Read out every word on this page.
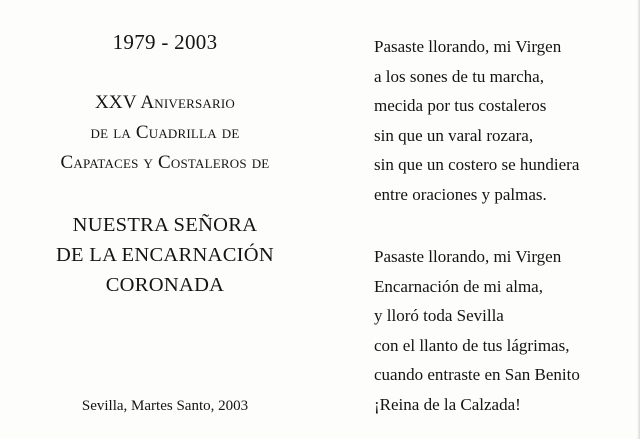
1979 - 2003
XXV Aniversario
de la Cuadrilla de
Capataces y Costaleros de
NUESTRA SEÑORA
DE LA ENCARNACIÓN
CORONADA
Sevilla, Martes Santo, 2003
Pasaste llorando, mi Virgen
a los sones de tu marcha,
mecida por tus costaleros
sin que un varal rozara,
sin que un costero se hundiera
entre oraciones y palmas.
Pasaste llorando, mi Virgen
Encarnación de mi alma,
y lloró toda Sevilla
con el llanto de tus lágrimas,
cuando entraste en San Benito
¡Reina de la Calzada!
